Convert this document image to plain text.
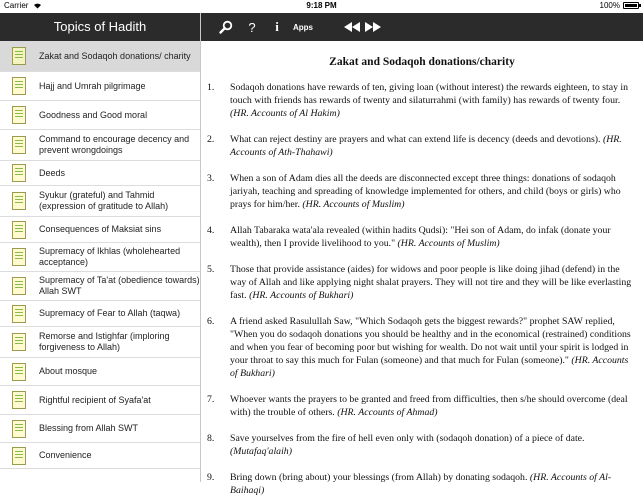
Carrier	9:18 PM	100%
Topics of Hadith
Zakat and Sodaqoh donations/ charity
Hajj and Umrah pilgrimage
Goodness and Good moral
Command to encourage decency and prevent wrongdoings
Deeds
Syukur (grateful) and Tahmid (expression of gratitude to Allah)
Consequences of Maksiat sins
Supremacy of Ikhlas (wholehearted acceptance)
Supremacy of Ta'at (obedience towards) Allah SWT
Supremacy of Fear to Allah (taqwa)
Remorse and Istighfar (imploring forgiveness to Allah)
About mosque
Rightful recipient of Syafa'at
Blessing from Allah SWT
Convenience
? i	Apps
Zakat and Sodaqoh donations/charity
1. Sodaqoh donations have rewards of ten, giving loan (without interest) the rewards eighteen, to stay in touch with friends has rewards of twenty and silaturrahmi (with family) has rewards of twenty four. (HR. Accounts of Al Hakim)
2. What can reject destiny are prayers and what can extend life is decency (deeds and devotions). (HR. Accounts of Ath-Thahawi)
3. When a son of Adam dies all the deeds are disconnected except three things: donations of sodaqoh jariyah, teaching and spreading of knowledge implemented for others, and child (boys or girls) who prays for him/her. (HR. Accounts of Muslim)
4. Allah Tabaraka wata'ala revealed (within hadits Qudsi): "Hei son of Adam, do infak (donate your wealth), then I provide livelihood to you." (HR. Accounts of Muslim)
5. Those that provide assistance (aides) for widows and poor people is like doing jihad (defend) in the way of Allah and like applying night shalat prayers. They will not tire and they will be like everlasting fast. (HR. Accounts of Bukhari)
6. A friend asked Rasulullah Saw, "Which Sodaqoh gets the biggest rewards?" prophet SAW replied, "When you do sodaqoh donations you should be healthy and in the economical (restrained) conditions and when you fear of becoming poor but wishing for wealth. Do not wait until your spirit is lodged in your throat to say this much for Fulan (someone) and that much for Fulan (someone)." (HR. Accounts of Bukhari)
7. Whoever wants the prayers to be granted and freed from difficulties, then s/he should overcome (deal with) the trouble of others. (HR. Accounts of Ahmad)
8. Save yourselves from the fire of hell even only with (sodaqoh donation) of a piece of date. (Mutafaq'alaih)
9. Bring down (bring about) your blessings (from Allah) by donating sodaqoh. (HR. Accounts of Al-Baihaqi)
